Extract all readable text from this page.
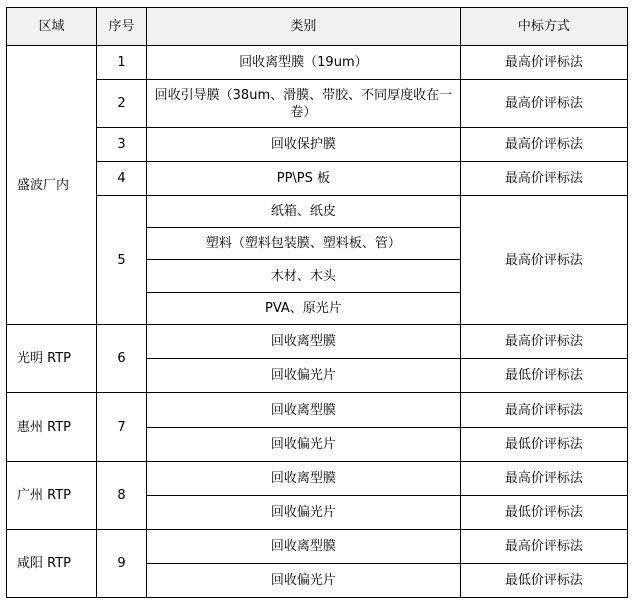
区域	序号	类别	中标方式
盛波厂内	1	回收离型膜（19um）	最高价评标法
	2	回收引导膜（38um、滑膜、带胶、不同厚度收在一卷）	最高价评标法
	3	回收保护膜	最高价评标法
	4	PP\PS 板	最高价评标法
	5	纸箱、纸皮	最高价评标法
		塑料（塑料包装膜、塑料板、管）	
		木材、木头	
		PVA、原光片	
光明 RTP	6	回收离型膜	最高价评标法
		回收偏光片	最低价评标法
惠州 RTP	7	回收离型膜	最高价评标法
		回收偏光片	最低价评标法
广州 RTP	8	回收离型膜	最高价评标法
		回收偏光片	最低价评标法
咸阳 RTP	9	回收离型膜	最高价评标法
		回收偏光片	最低价评标法
